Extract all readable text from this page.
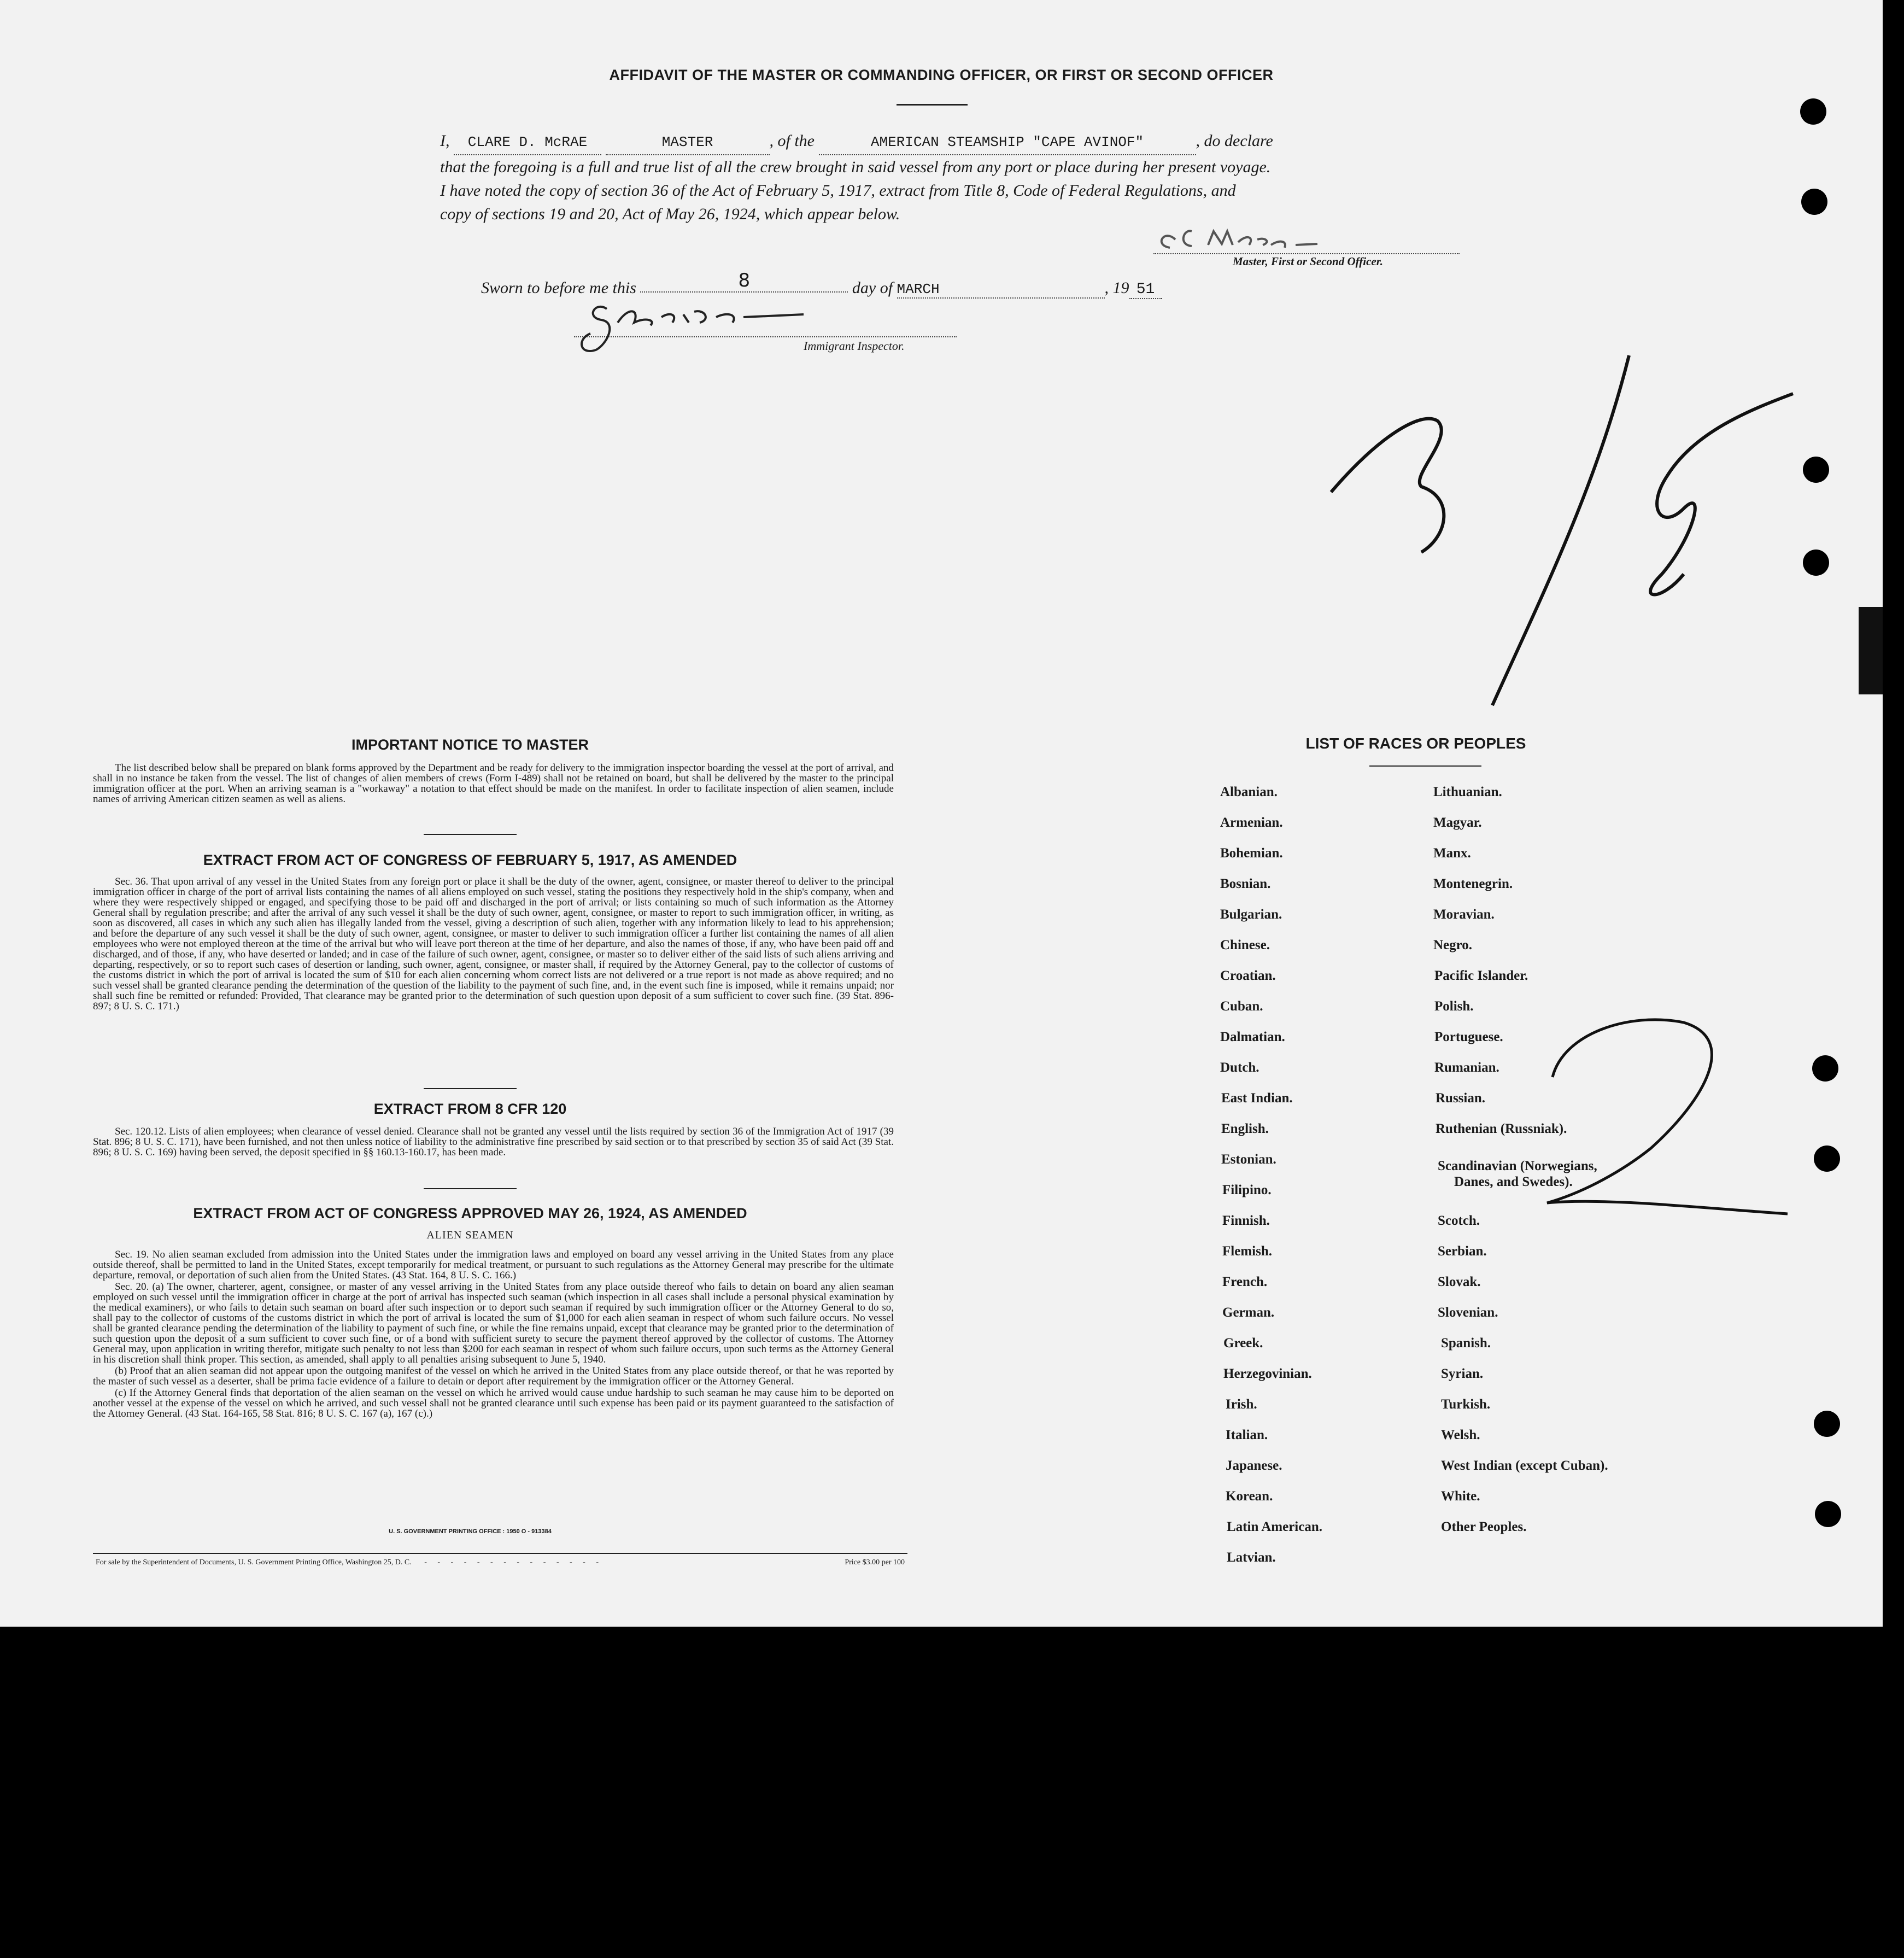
AFFIDAVIT OF THE MASTER OR COMMANDING OFFICER, OR FIRST OR SECOND OFFICER

I, CLARE D. McRAE	MASTER	, of the	AMERICAN STEAMSHIP "CAPE AVINOF"	, do declare

that the foregoing is a full and true list of all the crew brought in said vessel from any port or place during her present voyage.

I have noted the copy of section 36 of the Act of February 5, 1917, extract from Title 8, Code of Federal Regulations, and

copy of sections 19 and 20, Act of May 26, 1924, which appear below.

Master, First or Second Officer.
Sworn to before me this	8	day of MARCH	, 19 51
Immigrant Inspector.
IMPORTANT NOTICE TO MASTER

The list described below shall be prepared on blank forms approved by the Department and be ready for delivery to the immigration inspector boarding the vessel at the port of arrival, and shall in no instance be taken from the vessel. The list of changes of alien members of crews (Form I-489) shall not be retained on board, but shall be delivered by the master to the principal immigration officer at the port. When an arriving seaman is a "workaway" a notation to that effect should be made on the manifest. In order to facilitate inspection of alien seamen, include names of arriving American citizen seamen as well as aliens.

EXTRACT FROM ACT OF CONGRESS OF FEBRUARY 5, 1917, AS AMENDED

Sec. 36. That upon arrival of any vessel in the United States from any foreign port or place it shall be the duty of the owner, agent, consignee, or master thereof to deliver to the principal immigration officer in charge of the port of arrival lists containing the names of all aliens employed on such vessel, stating the positions they respectively hold in the ship's company, when and where they were respectively shipped or engaged, and specifying those to be paid off and discharged in the port of arrival; or lists containing so much of such information as the Attorney General shall by regulation prescribe; and after the arrival of any such vessel it shall be the duty of such owner, agent, consignee, or master to report to such immigration officer, in writing, as soon as discovered, all cases in which any such alien has illegally landed from the vessel, giving a description of such alien, together with any information likely to lead to his apprehension; and before the departure of any such vessel it shall be the duty of such owner, agent, consignee, or master to deliver to such immigration officer a further list containing the names of all alien employees who were not employed thereon at the time of the arrival but who will leave port thereon at the time of her departure, and also the names of those, if any, who have been paid off and discharged, and of those, if any, who have deserted or landed; and in case of the failure of such owner, agent, consignee, or master so to deliver either of the said lists of such aliens arriving and departing, respectively, or so to report such cases of desertion or landing, such owner, agent, consignee, or master shall, if required by the Attorney General, pay to the collector of customs of the customs district in which the port of arrival is located the sum of $10 for each alien concerning whom correct lists are not delivered or a true report is not made as above required; and no such vessel shall be granted clearance pending the determination of the question of the liability to the payment of such fine, and, in the event such fine is imposed, while it remains unpaid; nor shall such fine be remitted or refunded: Provided, That clearance may be granted prior to the determination of such question upon deposit of a sum sufficient to cover such fine. (39 Stat. 896-897; 8 U. S. C. 171.)

EXTRACT FROM 8 CFR 120

Sec. 120.12. Lists of alien employees; when clearance of vessel denied. Clearance shall not be granted any vessel until the lists required by section 36 of the Immigration Act of 1917 (39 Stat. 896; 8 U. S. C. 171), have been furnished, and not then unless notice of liability to the administrative fine prescribed by said section or to that prescribed by section 35 of said Act (39 Stat. 896; 8 U. S. C. 169) having been served, the deposit specified in §§ 160.13-160.17, has been made.

EXTRACT FROM ACT OF CONGRESS APPROVED MAY 26, 1924, AS AMENDED
ALIEN SEAMEN

Sec. 19. No alien seaman excluded from admission into the United States under the immigration laws and employed on board any vessel arriving in the United States from any place outside thereof, shall be permitted to land in the United States, except temporarily for medical treatment, or pursuant to such regulations as the Attorney General may prescribe for the ultimate departure, removal, or deportation of such alien from the United States. (43 Stat. 164, 8 U. S. C. 166.)

Sec. 20. (a) The owner, charterer, agent, consignee, or master of any vessel arriving in the United States from any place outside thereof who fails to detain on board any alien seaman employed on such vessel until the immigration officer in charge at the port of arrival has inspected such seaman (which inspection in all cases shall include a personal physical examination by the medical examiners), or who fails to detain such seaman on board after such inspection or to deport such seaman if required by such immigration officer or the Attorney General to do so, shall pay to the collector of customs of the customs district in which the port of arrival is located the sum of $1,000 for each alien seaman in respect of whom such failure occurs. No vessel shall be granted clearance pending the determination of the liability to payment of such fine, or while the fine remains unpaid, except that clearance may be granted prior to the determination of such question upon the deposit of a sum sufficient to cover such fine, or of a bond with sufficient surety to secure the payment thereof approved by the collector of customs. The Attorney General may, upon application in writing therefor, mitigate such penalty to not less than $200 for each seaman in respect of whom such failure occurs, upon such terms as the Attorney General in his discretion shall think proper. This section, as amended, shall apply to all penalties arising subsequent to June 5, 1940.

(b) Proof that an alien seaman did not appear upon the outgoing manifest of the vessel on which he arrived in the United States from any place outside thereof, or that he was reported by the master of such vessel as a deserter, shall be prima facie evidence of a failure to detain or deport after requirement by the immigration officer or the Attorney General.

(c) If the Attorney General finds that deportation of the alien seaman on the vessel on which he arrived would cause undue hardship to such seaman he may cause him to be deported on another vessel at the expense of the vessel on which he arrived, and such vessel shall not be granted clearance until such expense has been paid or its payment guaranteed to the satisfaction of the Attorney General. (43 Stat. 164-165, 58 Stat. 816; 8 U. S. C. 167 (a), 167 (c).)

U. S. GOVERNMENT PRINTING OFFICE : 1950 O - 913384
For sale by the Superintendent of Documents, U. S. Government Printing Office, Washington 25, D. C. - - - - - - - - - - - - - -	Price $3.00 per 100
LIST OF RACES OR PEOPLES
Albanian.
Armenian.
Bohemian.
Bosnian.
Bulgarian.
Chinese.
Croatian.
Cuban.
Dalmatian.
Dutch.
East Indian.
English.
Estonian.
Filipino.
Finnish.
Flemish.
French.
German.
Greek.
Herzegovinian.
Irish.
Italian.
Japanese.
Korean.
Latin American.
Latvian.
Lithuanian.
Magyar.
Manx.
Montenegrin.
Moravian.
Negro.
Pacific Islander.
Polish.
Portuguese.
Rumanian.
Russian.
Ruthenian (Russniak).
Scandinavian (Norwegians,
Danes, and Swedes).
Scotch.
Serbian.
Slovak.
Slovenian.
Spanish.
Syrian.
Turkish.
Welsh.
West Indian (except Cuban).
White.
Other Peoples.
